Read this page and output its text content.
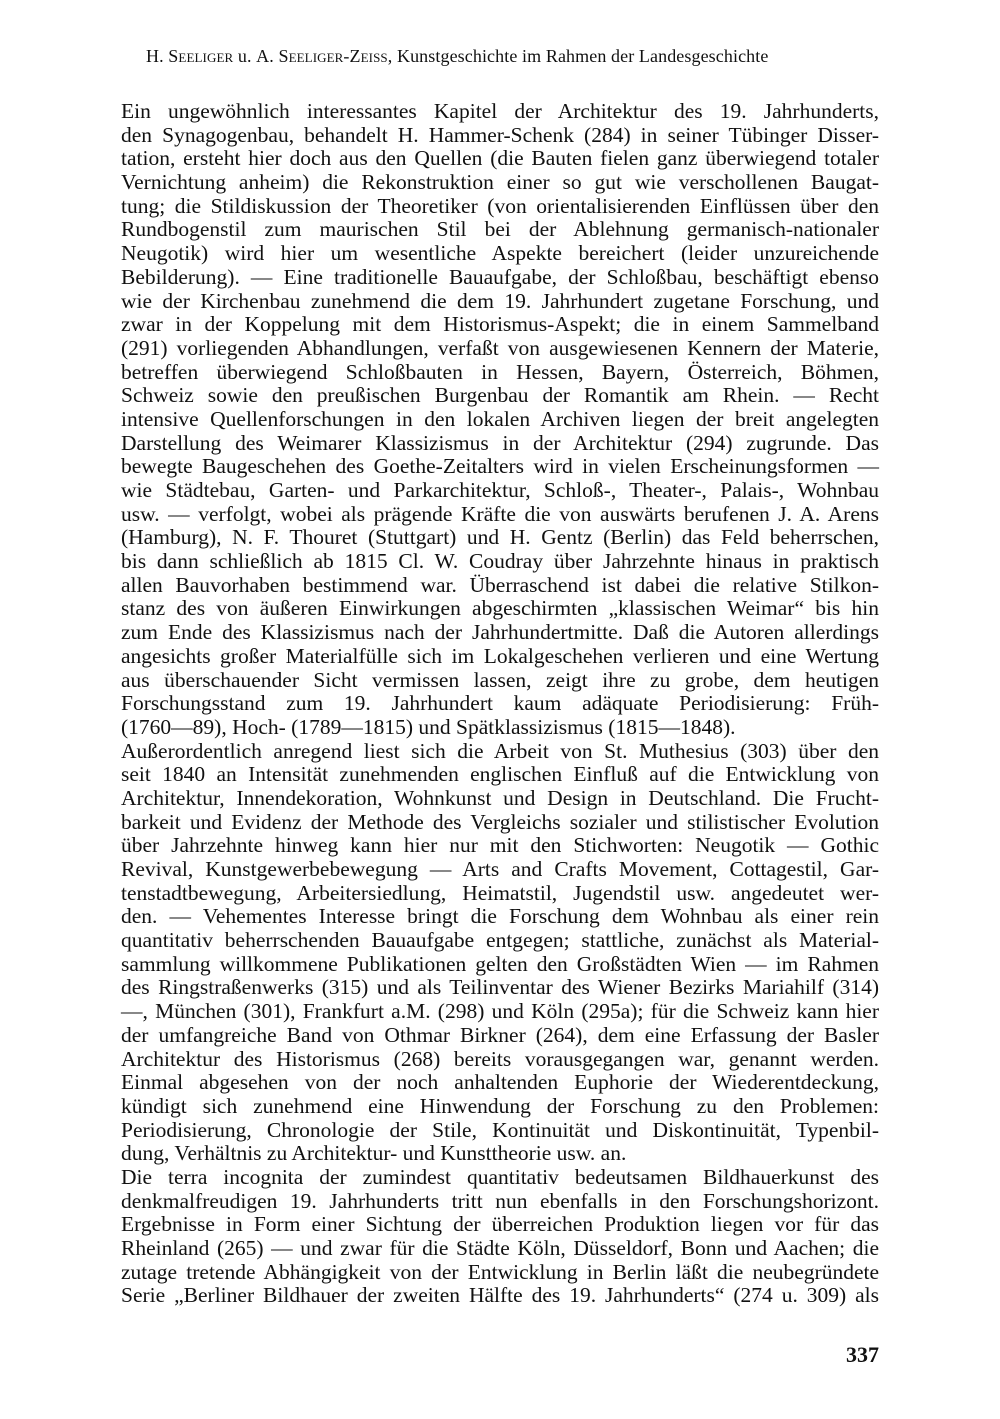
H. Seeliger u. A. Seeliger-Zeiss, Kunstgeschichte im Rahmen der Landesgeschichte
Ein ungewöhnlich interessantes Kapitel der Architektur des 19. Jahrhunderts,
den Synagogenbau, behandelt H. Hammer-Schenk (284) in seiner Tübinger Disser-
tation, ersteht hier doch aus den Quellen (die Bauten fielen ganz überwiegend totaler
Vernichtung anheim) die Rekonstruktion einer so gut wie verschollenen Baugat-
tung; die Stildiskussion der Theoretiker (von orientalisierenden Einflüssen über den
Rundbogenstil zum maurischen Stil bei der Ablehnung germanisch-nationaler
Neugotik) wird hier um wesentliche Aspekte bereichert (leider unzureichende
Bebilderung). — Eine traditionelle Bauaufgabe, der Schloßbau, beschäftigt ebenso
wie der Kirchenbau zunehmend die dem 19. Jahrhundert zugetane Forschung, und
zwar in der Koppelung mit dem Historismus-Aspekt; die in einem Sammelband
(291) vorliegenden Abhandlungen, verfaßt von ausgewiesenen Kennern der Materie,
betreffen überwiegend Schloßbauten in Hessen, Bayern, Österreich, Böhmen,
Schweiz sowie den preußischen Burgenbau der Romantik am Rhein. — Recht
intensive Quellenforschungen in den lokalen Archiven liegen der breit angelegten
Darstellung des Weimarer Klassizismus in der Architektur (294) zugrunde. Das
bewegte Baugeschehen des Goethe-Zeitalters wird in vielen Erscheinungsformen —
wie Städtebau, Garten- und Parkarchitektur, Schloß-, Theater-, Palais-, Wohnbau
usw. — verfolgt, wobei als prägende Kräfte die von auswärts berufenen J. A. Arens
(Hamburg), N. F. Thouret (Stuttgart) und H. Gentz (Berlin) das Feld beherrschen,
bis dann schließlich ab 1815 Cl. W. Coudray über Jahrzehnte hinaus in praktisch
allen Bauvorhaben bestimmend war. Überraschend ist dabei die relative Stilkon-
stanz des von äußeren Einwirkungen abgeschirmten „klassischen Weimar“ bis hin
zum Ende des Klassizismus nach der Jahrhundertmitte. Daß die Autoren allerdings
angesichts großer Materialfülle sich im Lokalgeschehen verlieren und eine Wertung
aus überschauender Sicht vermissen lassen, zeigt ihre zu grobe, dem heutigen
Forschungsstand zum 19. Jahrhundert kaum adäquate Periodisierung: Früh-
(1760—89), Hoch- (1789—1815) und Spätklassizismus (1815—1848).
Außerordentlich anregend liest sich die Arbeit von St. Muthesius (303) über den
seit 1840 an Intensität zunehmenden englischen Einfluß auf die Entwicklung von
Architektur, Innendekoration, Wohnkunst und Design in Deutschland. Die Frucht-
barkeit und Evidenz der Methode des Vergleichs sozialer und stilistischer Evolution
über Jahrzehnte hinweg kann hier nur mit den Stichworten: Neugotik — Gothic
Revival, Kunstgewerbebewegung — Arts and Crafts Movement, Cottagestil, Gar-
tenstadtbewegung, Arbeitersiedlung, Heimatstil, Jugendstil usw. angedeutet wer-
den. — Vehementes Interesse bringt die Forschung dem Wohnbau als einer rein
quantitativ beherrschenden Bauaufgabe entgegen; stattliche, zunächst als Material-
sammlung willkommene Publikationen gelten den Großstädten Wien — im Rahmen
des Ringstraßenwerks (315) und als Teilinventar des Wiener Bezirks Mariahilf (314)
—, München (301), Frankfurt a.M. (298) und Köln (295a); für die Schweiz kann hier
der umfangreiche Band von Othmar Birkner (264), dem eine Erfassung der Basler
Architektur des Historismus (268) bereits vorausgegangen war, genannt werden.
Einmal abgesehen von der noch anhaltenden Euphorie der Wiederentdeckung,
kündigt sich zunehmend eine Hinwendung der Forschung zu den Problemen:
Periodisierung, Chronologie der Stile, Kontinuität und Diskontinuität, Typenbil-
dung, Verhältnis zu Architektur- und Kunsttheorie usw. an.
Die terra incognita der zumindest quantitativ bedeutsamen Bildhauerkunst des
denkmalfreudigen 19. Jahrhunderts tritt nun ebenfalls in den Forschungshorizont.
Ergebnisse in Form einer Sichtung der überreichen Produktion liegen vor für das
Rheinland (265) — und zwar für die Städte Köln, Düsseldorf, Bonn und Aachen; die
zutage tretende Abhängigkeit von der Entwicklung in Berlin läßt die neubegründete
Serie „Berliner Bildhauer der zweiten Hälfte des 19. Jahrhunderts“ (274 u. 309) als
337
